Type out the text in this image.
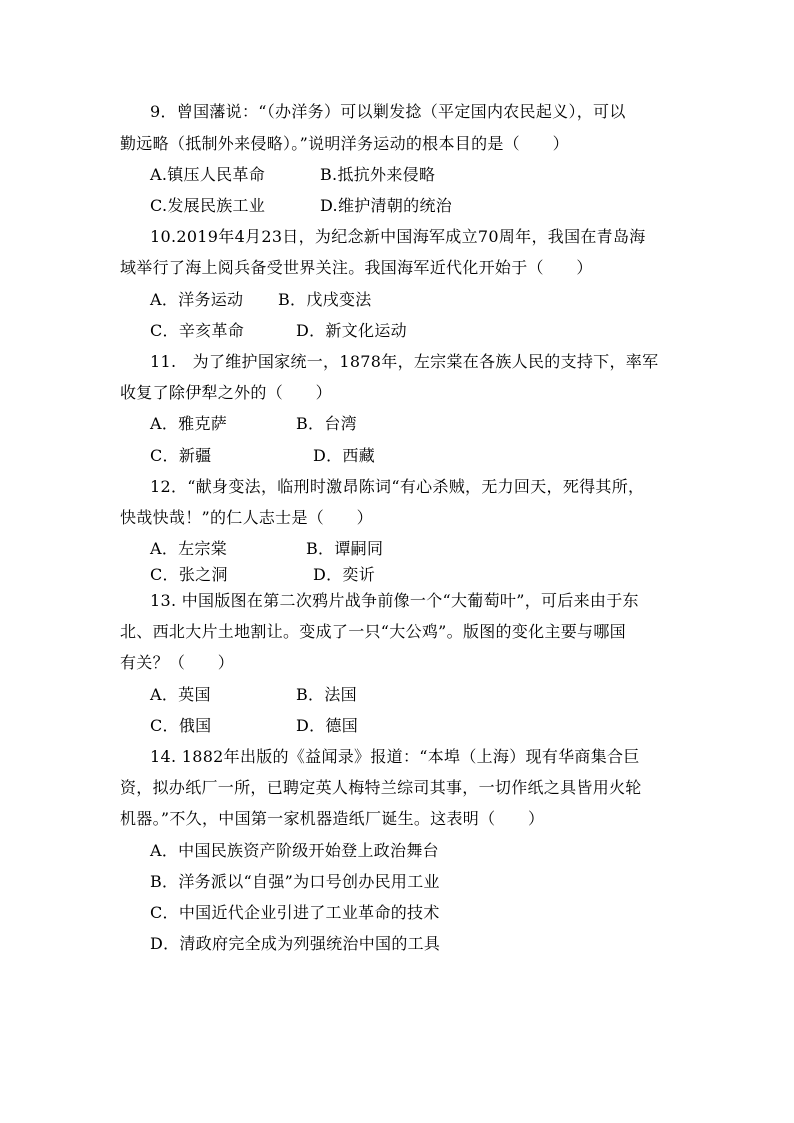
9．曾国藩说：“（办洋务）可以剿发捻（平定国内农民起义），可以
勤远略（抵制外来侵略）。”说明洋务运动的根本目的是（　　）
A.镇压人民革命	B.抵抗外来侵略
C.发展民族工业	D.维护清朝的统治
10.2019年4月23日，为纪念新中国海军成立70周年，我国在青岛海
域举行了海上阅兵备受世界关注。我国海军近代化开始于（　　）
A．洋务运动 B．戊戌变法
C．辛亥革命	D．新文化运动
11.　为了维护国家统一，1878年，左宗棠在各族人民的支持下，率军
收复了除伊犁之外的（　　）
A．雅克萨	B．台湾
C．新疆	D．西藏
12．“献身变法，临刑时激昂陈词“有心杀贼，无力回天，死得其所，
快哉快哉！”的仁人志士是（　　）
A．左宗棠	B．谭嗣同
C．张之洞	D．奕䜣
13. 中国版图在第二次鸦片战争前像一个“大葡萄叶”，可后来由于东
北、西北大片土地割让。变成了一只“大公鸡”。版图的变化主要与哪国
有关？（　　）
A．英国	B．法国
C．俄国	D．德国
14. 1882年出版的《益闻录》报道：“本埠（上海）现有华商集合巨
资，拟办纸厂一所，已聘定英人梅特兰综司其事，一切作纸之具皆用火轮
机器。”不久，中国第一家机器造纸厂诞生。这表明（　　）
A．中国民族资产阶级开始登上政治舞台
B．洋务派以“自强”为口号创办民用工业
C．中国近代企业引进了工业革命的技术
D．清政府完全成为列强统治中国的工具
